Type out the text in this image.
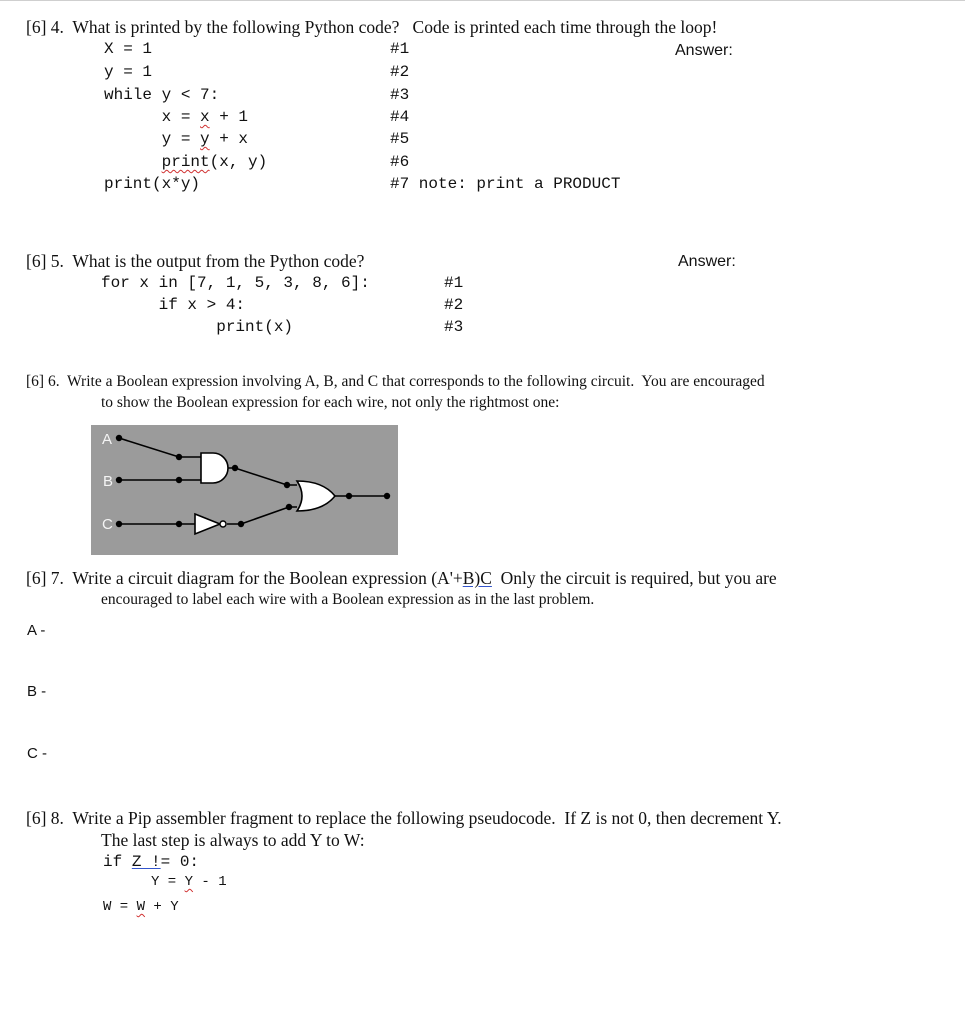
[6] 4.  What is printed by the following Python code?   Code is printed each time through the loop!
Answer:
X = 1	#1
y = 1	#2
while y < 7:	#3
x = x + 1	#4
y = y + x	#5
print(x, y)	#6
print(x*y)	#7 note: print a PRODUCT
[6] 5.  What is the output from the Python code?	Answer:
for x in [7, 1, 5, 3, 8, 6]:	#1
if x > 4:	#2
print(x)	#3
[6] 6.  Write a Boolean expression involving A, B, and C that corresponds to the following circuit.  You are encouraged
to show the Boolean expression for each wire, not only the rightmost one:
A
B
C
[6] 7.  Write a circuit diagram for the Boolean expression (A'+B)C  Only the circuit is required, but you are
encouraged to label each wire with a Boolean expression as in the last problem.
A -
B -
C -
[6] 8.  Write a Pip assembler fragment to replace the following pseudocode.  If Z is not 0, then decrement Y.
The last step is always to add Y to W:
if Z != 0:
Y = Y - 1
W = W + Y
